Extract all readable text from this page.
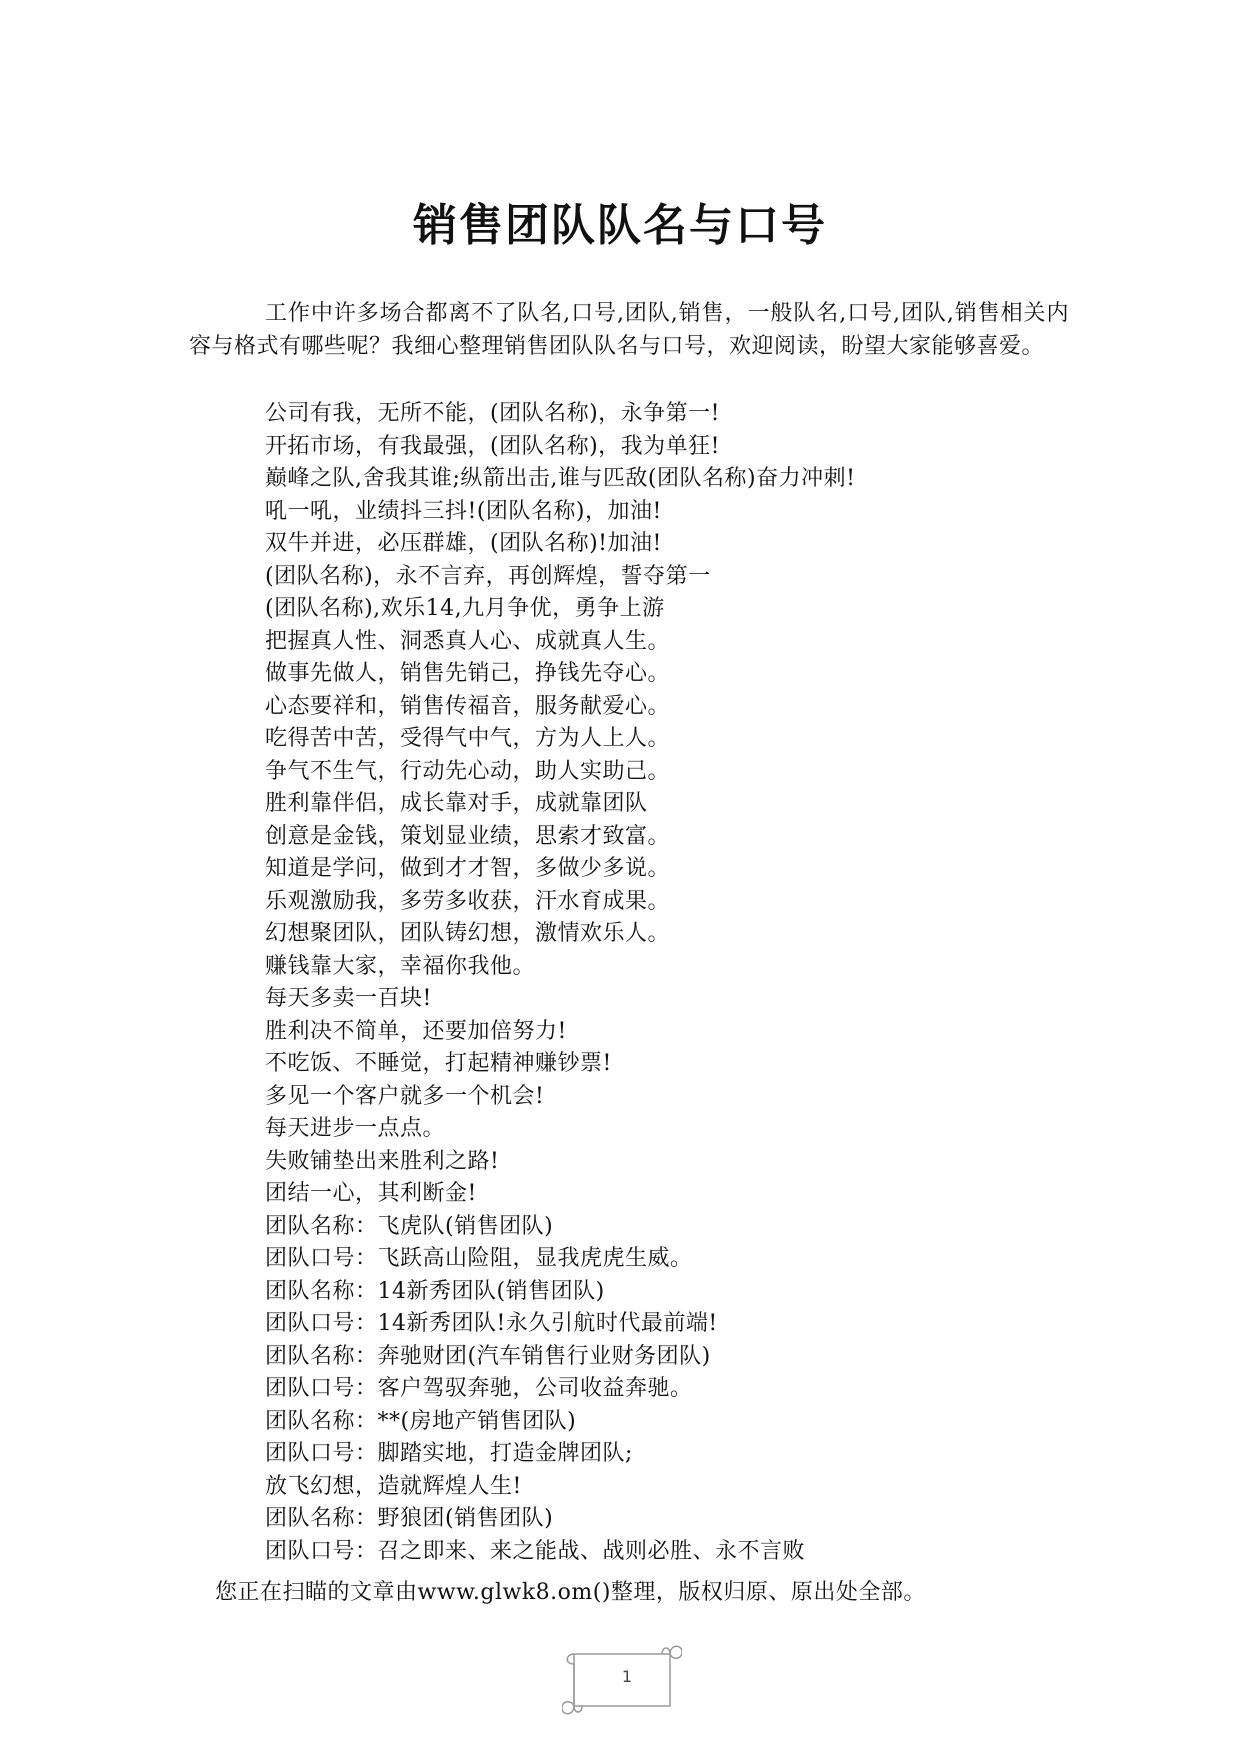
销售团队队名与口号

工作中许多场合都离不了队名,口号,团队,销售，一般队名,口号,团队,销售相关内容与格式有哪些呢？我细心整理销售团队队名与口号，欢迎阅读，盼望大家能够喜爱。

公司有我，无所不能，(团队名称)，永争第一!
开拓市场，有我最强，(团队名称)，我为单狂!
巅峰之队,舍我其谁;纵箭出击,谁与匹敌(团队名称)奋力冲刺!
吼一吼，业绩抖三抖!(团队名称)，加油!
双牛并进，必压群雄，(团队名称)!加油!
(团队名称)，永不言弃，再创辉煌，誓夺第一
(团队名称),欢乐14,九月争优，勇争上游
把握真人性、洞悉真人心、成就真人生。
做事先做人，销售先销己，挣钱先夺心。
心态要祥和，销售传福音，服务献爱心。
吃得苦中苦，受得气中气，方为人上人。
争气不生气，行动先心动，助人实助己。
胜利靠伴侣，成长靠对手，成就靠团队
创意是金钱，策划显业绩，思索才致富。
知道是学问，做到才才智，多做少多说。
乐观激励我，多劳多收获，汗水育成果。
幻想聚团队，团队铸幻想，激情欢乐人。
赚钱靠大家，幸福你我他。
每天多卖一百块!
胜利决不简单，还要加倍努力!
不吃饭、不睡觉，打起精神赚钞票!
多见一个客户就多一个机会!
每天进步一点点。
失败铺垫出来胜利之路!
团结一心，其利断金!
团队名称：飞虎队(销售团队)
团队口号：飞跃高山险阻，显我虎虎生威。
团队名称：14新秀团队(销售团队)
团队口号：14新秀团队!永久引航时代最前端!
团队名称：奔驰财团(汽车销售行业财务团队)
团队口号：客户驾驭奔驰，公司收益奔驰。
团队名称：**(房地产销售团队)
团队口号：脚踏实地，打造金牌团队;
放飞幻想，造就辉煌人生!
团队名称：野狼团(销售团队)
团队口号：召之即来、来之能战、战则必胜、永不言败

您正在扫瞄的文章由www.glwk8.om()整理，版权归原、原出处全部。

1
